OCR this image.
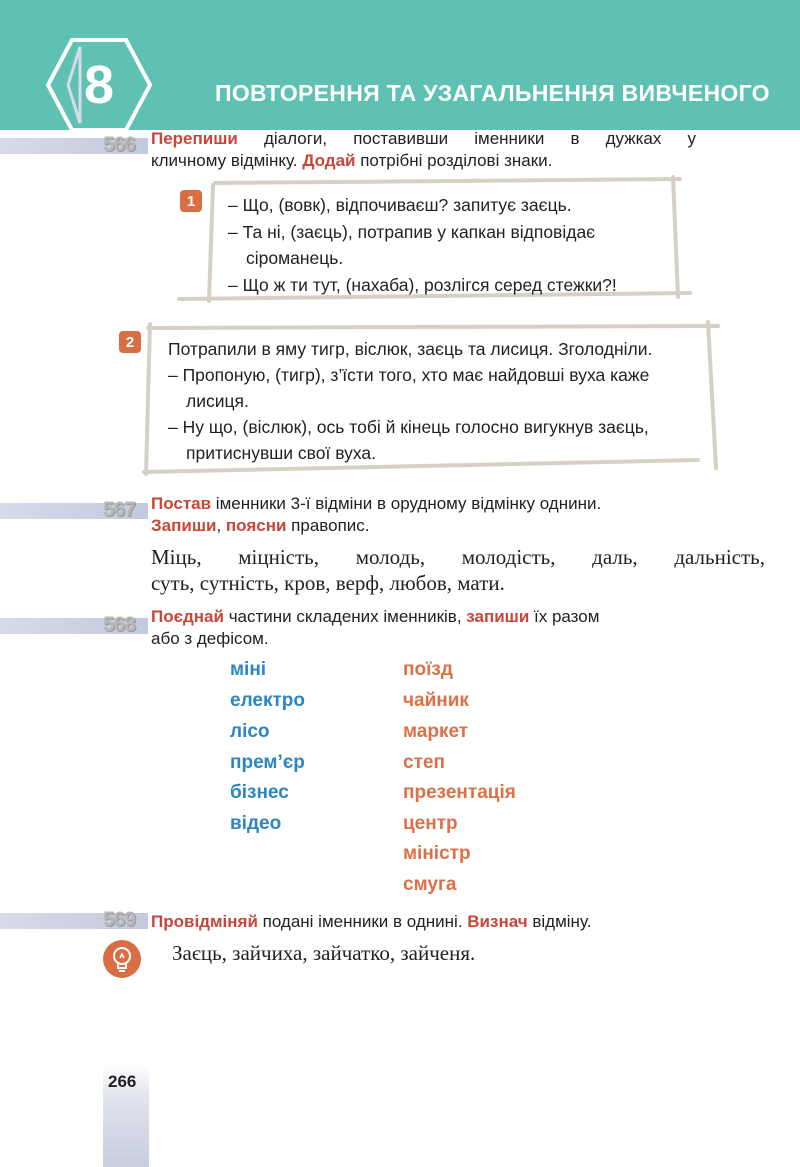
8	ПОВТОРЕННЯ ТА УЗАГАЛЬНЕННЯ ВИВЧЕНОГО
566 Перепиши діалоги, поставивши іменники в дужках у
кличному відмінку. Додай потрібні розділові знаки.
1	– Що, (вовк), відпочиваєш? запитує заєць.
– Та ні, (заєць), потрапив у капкан відповідає
сіроманець.
– Що ж ти тут, (нахаба), розлігся серед стежки?!
2	Потрапили в яму тигр, віслюк, заєць та лисиця. Зголодніли.
– Пропоную, (тигр), з’їсти того, хто має найдовші вуха каже
лисиця.
– Ну що, (віслюк), ось тобі й кінець голосно вигукнув заєць,
притиснувши свої вуха.
567 Постав іменники 3-ї відміни в орудному відмінку однини.
Запиши, поясни правопис.
Міць, міцність, молодь, молодість, даль, дальність,
суть, сутність, кров, верф, любов, мати.
568 Поєднай частини складених іменників, запиши їх разом
або з дефісом.
міні
електро
лісо
прем’єр
бізнес
відео
поїзд
чайник
маркет
степ
презентація
центр
міністр
смуга
569 Провідміняй подані іменники в однині. Визнач відміну.
Заєць, зайчиха, зайчатко, зайченя.
266
